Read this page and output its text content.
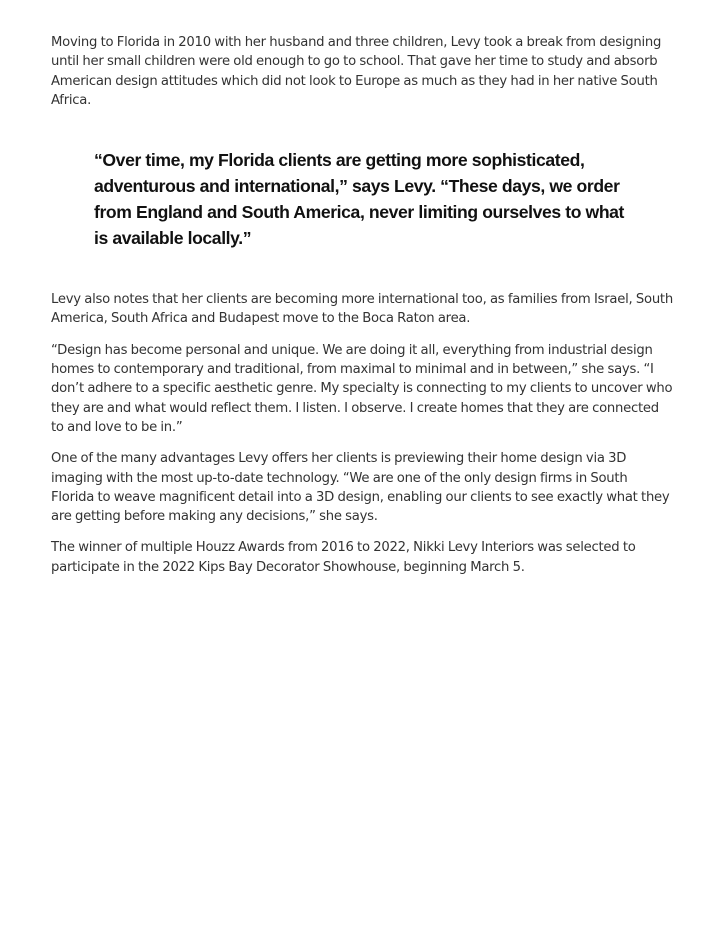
Moving to Florida in 2010 with her husband and three children, Levy took a break from designing until her small children were old enough to go to school. That gave her time to study and absorb American design attitudes which did not look to Europe as much as they had in her native South Africa.

“Over time, my Florida clients are getting more sophisticated, adventurous and international,” says Levy. “These days, we order from England and South America, never limiting ourselves to what is available locally.”

Levy also notes that her clients are becoming more international too, as families from Israel, South America, South Africa and Budapest move to the Boca Raton area.

“Design has become personal and unique. We are doing it all, everything from industrial design homes to contemporary and traditional, from maximal to minimal and in between,” she says. “I don’t adhere to a specific aesthetic genre. My specialty is connecting to my clients to uncover who they are and what would reflect them. I listen. I observe. I create homes that they are connected to and love to be in.”

One of the many advantages Levy offers her clients is previewing their home design via 3D imaging with the most up-to-date technology. “We are one of the only design firms in South Florida to weave magnificent detail into a 3D design, enabling our clients to see exactly what they are getting before making any decisions,” she says.

The winner of multiple Houzz Awards from 2016 to 2022, Nikki Levy Interiors was selected to participate in the 2022 Kips Bay Decorator Showhouse, beginning March 5.
